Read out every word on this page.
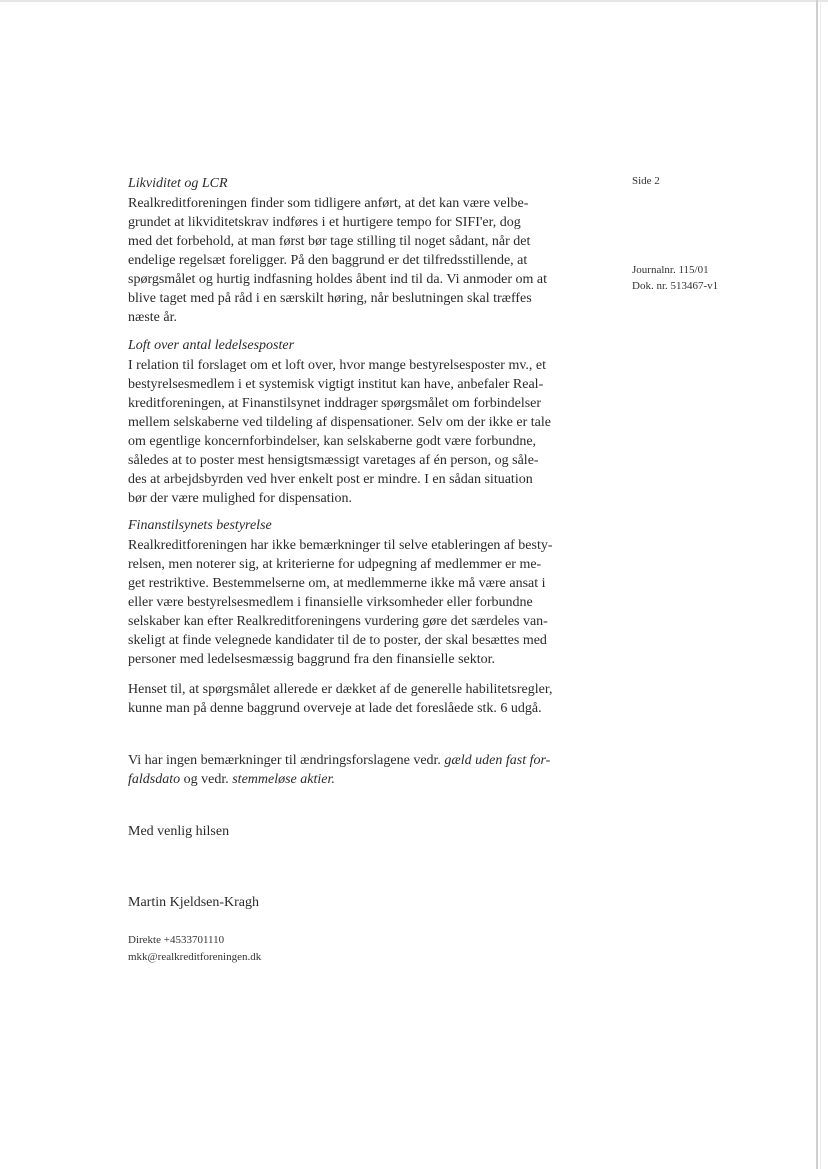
Side 2
Journalnr. 115/01
Dok. nr. 513467-v1
Likviditet og LCR
Realkreditforeningen finder som tidligere anført, at det kan være velbe-
grundet at likviditetskrav indføres i et hurtigere tempo for SIFI'er, dog
med det forbehold, at man først bør tage stilling til noget sådant, når det
endelige regelsæt foreligger. På den baggrund er det tilfredsstillende, at
spørgsmålet og hurtig indfasning holdes åbent ind til da. Vi anmoder om at
blive taget med på råd i en særskilt høring, når beslutningen skal træffes
næste år.
Loft over antal ledelsesposter
I relation til forslaget om et loft over, hvor mange bestyrelsesposter mv., et
bestyrelsesmedlem i et systemisk vigtigt institut kan have, anbefaler Real-
kreditforeningen, at Finanstilsynet inddrager spørgsmålet om forbindelser
mellem selskaberne ved tildeling af dispensationer. Selv om der ikke er tale
om egentlige koncernforbindelser, kan selskaberne godt være forbundne,
således at to poster mest hensigtsmæssigt varetages af én person, og såle-
des at arbejdsbyrden ved hver enkelt post er mindre. I en sådan situation
bør der være mulighed for dispensation.
Finanstilsynets bestyrelse
Realkreditforeningen har ikke bemærkninger til selve etableringen af besty-
relsen, men noterer sig, at kriterierne for udpegning af medlemmer er me-
get restriktive. Bestemmelserne om, at medlemmerne ikke må være ansat i
eller være bestyrelsesmedlem i finansielle virksomheder eller forbundne
selskaber kan efter Realkreditforeningens vurdering gøre det særdeles van-
skeligt at finde velegnede kandidater til de to poster, der skal besættes med
personer med ledelsesmæssig baggrund fra den finansielle sektor.
Henset til, at spørgsmålet allerede er dækket af de generelle habilitetsregler,
kunne man på denne baggrund overveje at lade det foreslåede stk. 6 udgå.
Vi har ingen bemærkninger til ændringsforslagene vedr. gæld uden fast for-
faldsdato og vedr. stemmeløse aktier.
Med venlig hilsen
Martin Kjeldsen-Kragh
Direkte +4533701110
mkk@realkreditforeningen.dk
